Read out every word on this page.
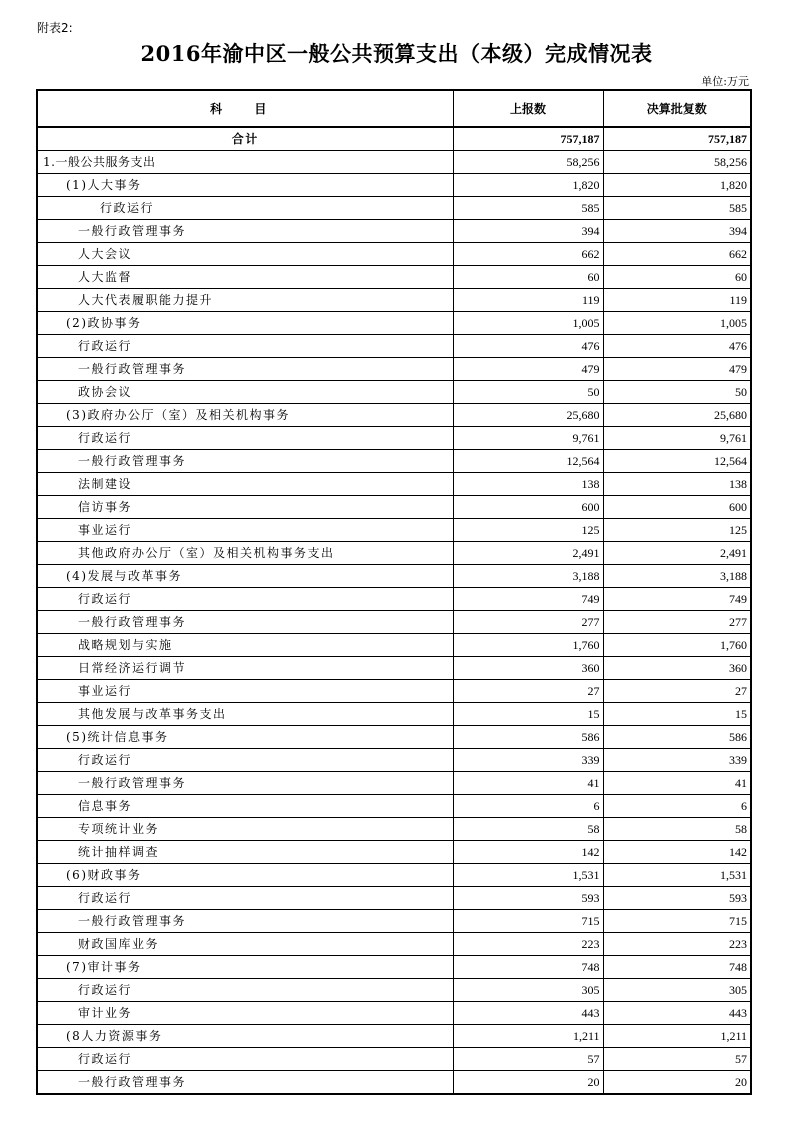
附表2:
2016年渝中区一般公共预算支出（本级）完成情况表
单位:万元
科 目	上报数	决算批复数
合计	757,187	757,187
1.一般公共服务支出	58,256	58,256
(1)人大事务	1,820	1,820
行政运行	585	585
一般行政管理事务	394	394
人大会议	662	662
人大监督	60	60
人大代表履职能力提升	119	119
(2)政协事务	1,005	1,005
行政运行	476	476
一般行政管理事务	479	479
政协会议	50	50
(3)政府办公厅（室）及相关机构事务	25,680	25,680
行政运行	9,761	9,761
一般行政管理事务	12,564	12,564
法制建设	138	138
信访事务	600	600
事业运行	125	125
其他政府办公厅（室）及相关机构事务支出	2,491	2,491
(4)发展与改革事务	3,188	3,188
行政运行	749	749
一般行政管理事务	277	277
战略规划与实施	1,760	1,760
日常经济运行调节	360	360
事业运行	27	27
其他发展与改革事务支出	15	15
(5)统计信息事务	586	586
行政运行	339	339
一般行政管理事务	41	41
信息事务	6	6
专项统计业务	58	58
统计抽样调查	142	142
(6)财政事务	1,531	1,531
行政运行	593	593
一般行政管理事务	715	715
财政国库业务	223	223
(7)审计事务	748	748
行政运行	305	305
审计业务	443	443
(8人力资源事务	1,211	1,211
行政运行	57	57
一般行政管理事务	20	20
